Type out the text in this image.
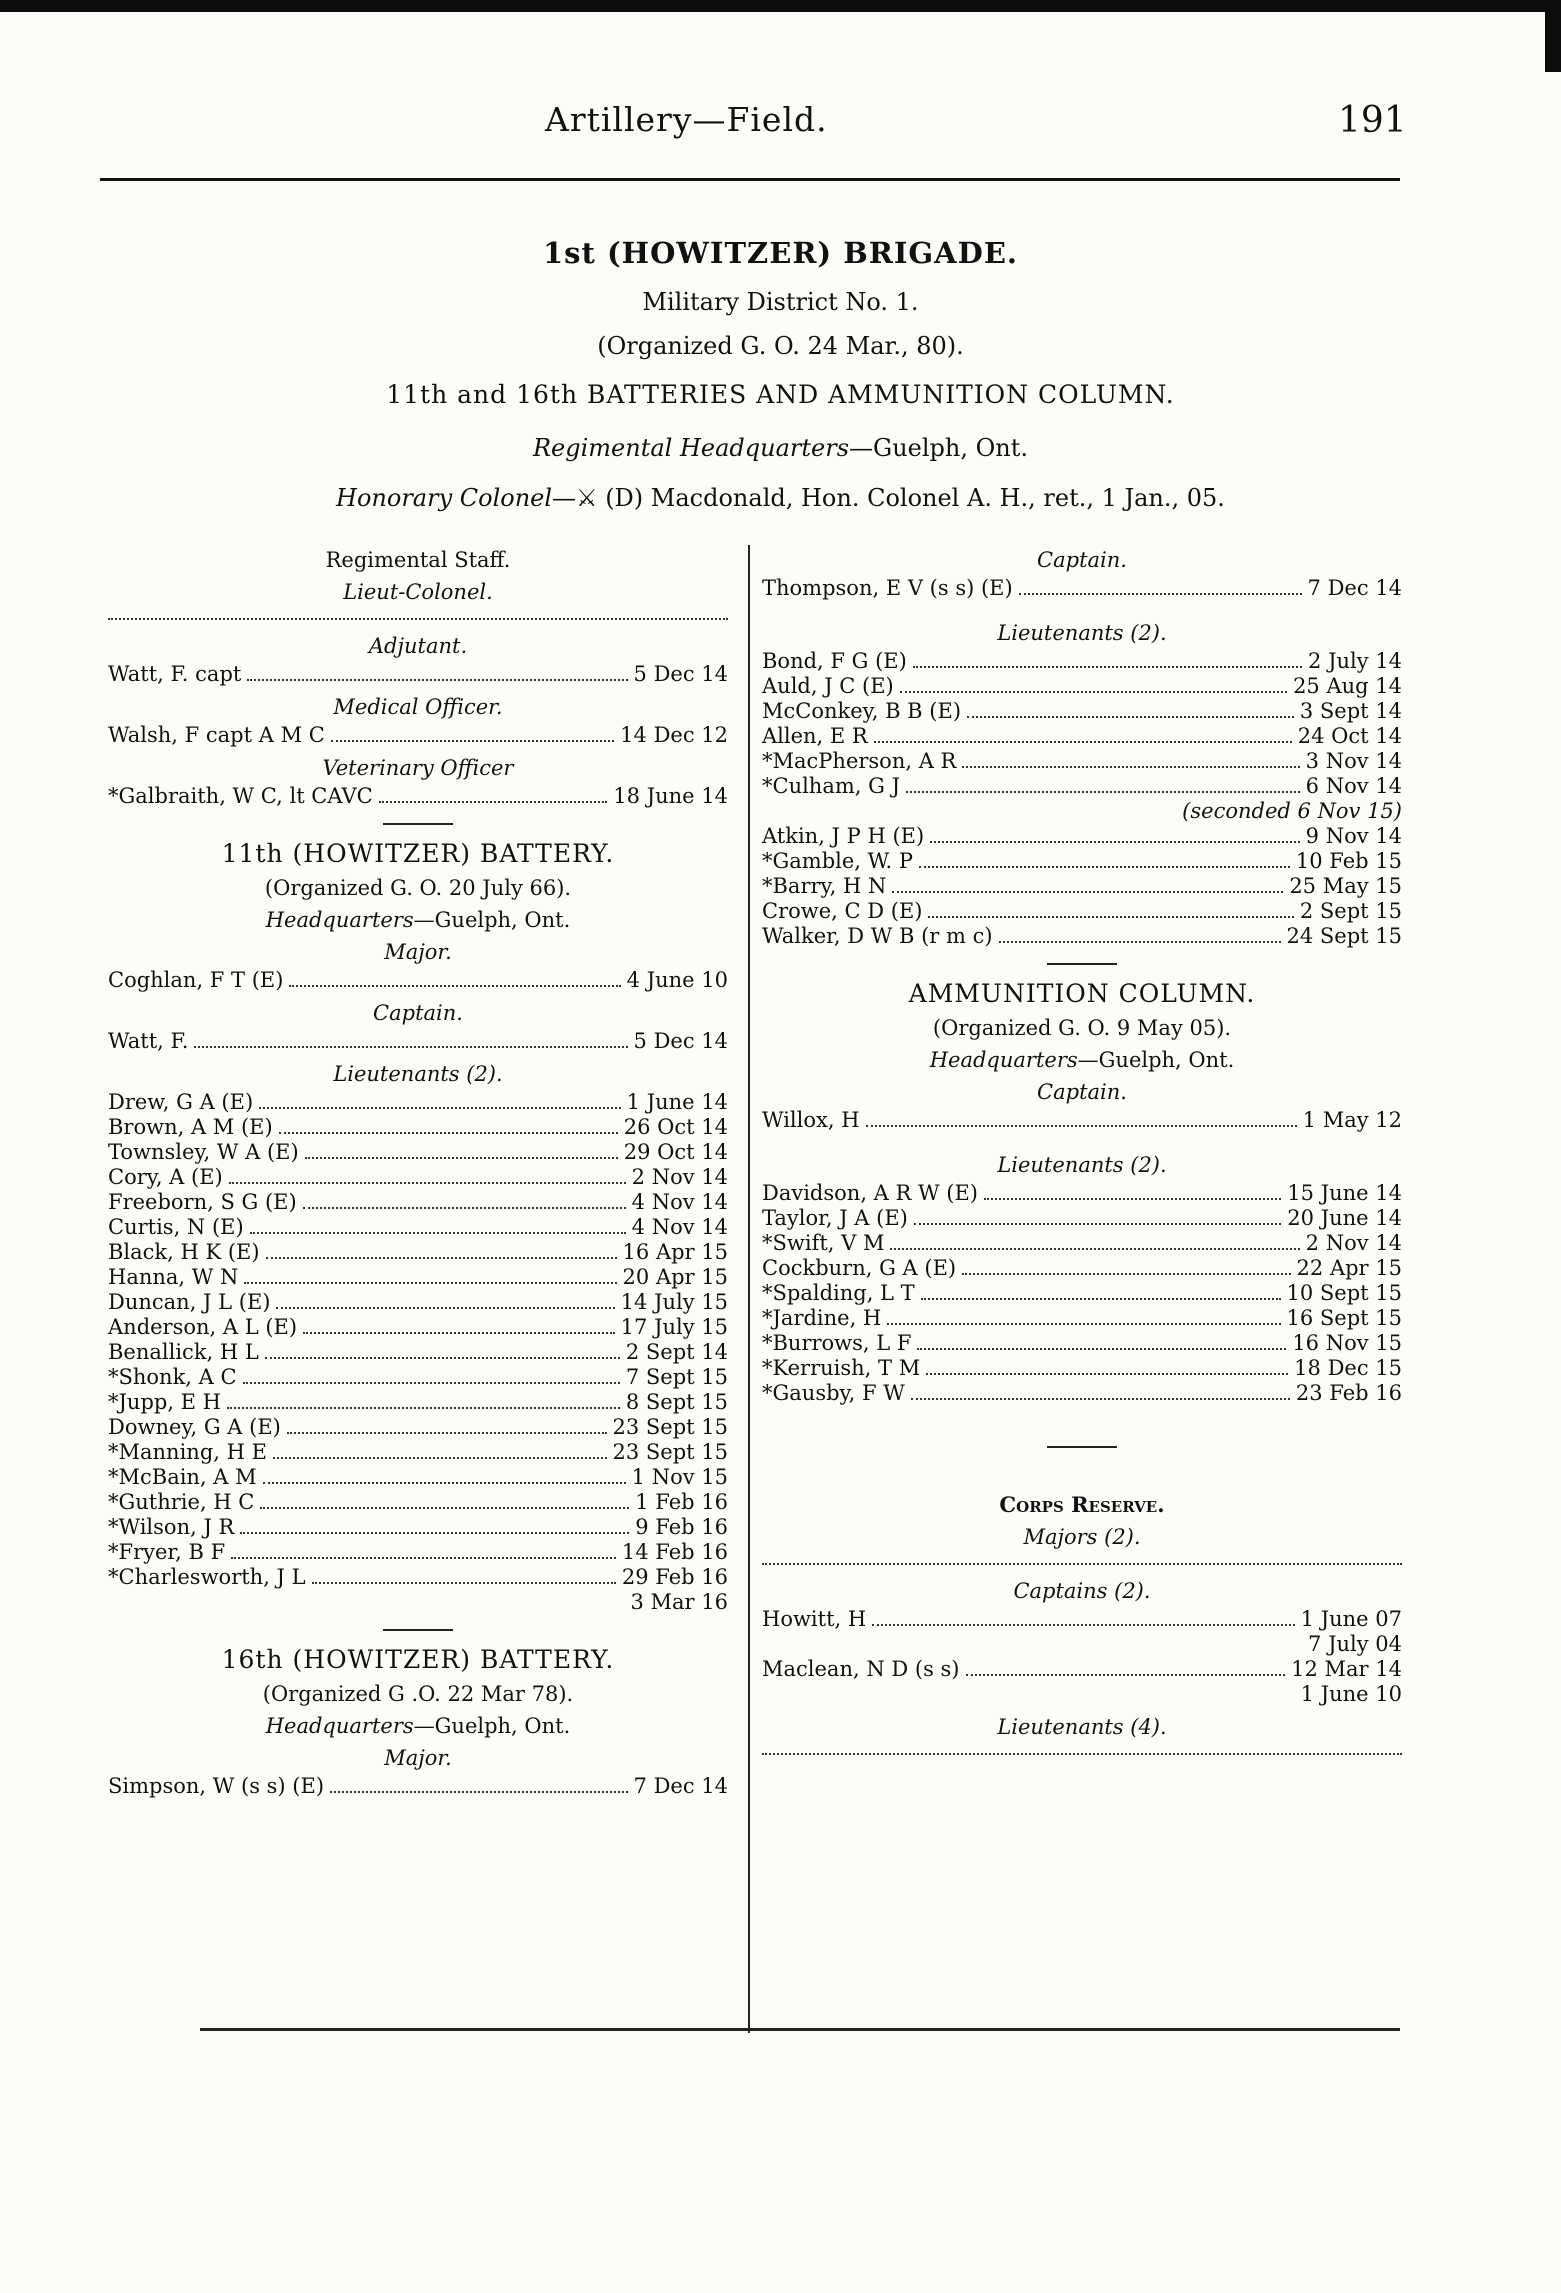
Artillery—Field.	191
1st (HOWITZER) BRIGADE.
Military District No. 1.
(Organized G. O. 24 Mar., 80).
11th and 16th BATTERIES AND AMMUNITION COLUMN.
Regimental Headquarters—Guelph, Ont.
Honorary Colonel—⚔ (D) Macdonald, Hon. Colonel A. H., ret., 1 Jan., 05.
Regimental Staff.
Lieut-Colonel.
Adjutant.
Watt, F. capt	5 Dec 14
Medical Officer.
Walsh, F capt A M C	14 Dec 12
Veterinary Officer
*Galbraith, W C, lt CAVC	18 June 14
11th (HOWITZER) BATTERY.
(Organized G. O. 20 July 66).
Headquarters—Guelph, Ont.
Major.
Coghlan, F T (E)	4 June 10
Captain.
Watt, F.	5 Dec 14
Lieutenants (2).
Drew, G A (E)	1 June 14
Brown, A M (E)	26 Oct 14
Townsley, W A (E)	29 Oct 14
Cory, A (E)	2 Nov 14
Freeborn, S G (E)	4 Nov 14
Curtis, N (E)	4 Nov 14
Black, H K (E)	16 Apr 15
Hanna, W N	20 Apr 15
Duncan, J L (E)	14 July 15
Anderson, A L (E)	17 July 15
Benallick, H L	2 Sept 14
*Shonk, A C	7 Sept 15
*Jupp, E H	8 Sept 15
Downey, G A (E)	23 Sept 15
*Manning, H E	23 Sept 15
*McBain, A M	1 Nov 15
*Guthrie, H C	1 Feb 16
*Wilson, J R	9 Feb 16
*Fryer, B F	14 Feb 16
*Charlesworth, J L	29 Feb 16
3 Mar 16
16th (HOWITZER) BATTERY.
(Organized G .O. 22 Mar 78).
Headquarters—Guelph, Ont.
Major.
Simpson, W (s s) (E)	7 Dec 14
Captain.
Thompson, E V (s s) (E)	7 Dec 14
Lieutenants (2).
Bond, F G (E)	2 July 14
Auld, J C (E)	25 Aug 14
McConkey, B B (E)	3 Sept 14
Allen, E R	24 Oct 14
*MacPherson, A R	3 Nov 14
*Culham, G J	6 Nov 14
(seconded 6 Nov 15)
Atkin, J P H (E)	9 Nov 14
*Gamble, W. P	10 Feb 15
*Barry, H N	25 May 15
Crowe, C D (E)	2 Sept 15
Walker, D W B (r m c)	24 Sept 15
AMMUNITION COLUMN.
(Organized G. O. 9 May 05).
Headquarters—Guelph, Ont.
Captain.
Willox, H	1 May 12
Lieutenants (2).
Davidson, A R W (E)	15 June 14
Taylor, J A (E)	20 June 14
*Swift, V M	2 Nov 14
Cockburn, G A (E)	22 Apr 15
*Spalding, L T	10 Sept 15
*Jardine, H	16 Sept 15
*Burrows, L F	16 Nov 15
*Kerruish, T M	18 Dec 15
*Gausby, F W	23 Feb 16
Corps Reserve.
Majors (2).
Captains (2).
Howitt, H	1 June 07
7 July 04
Maclean, N D (s s)	12 Mar 14
1 June 10
Lieutenants (4).
